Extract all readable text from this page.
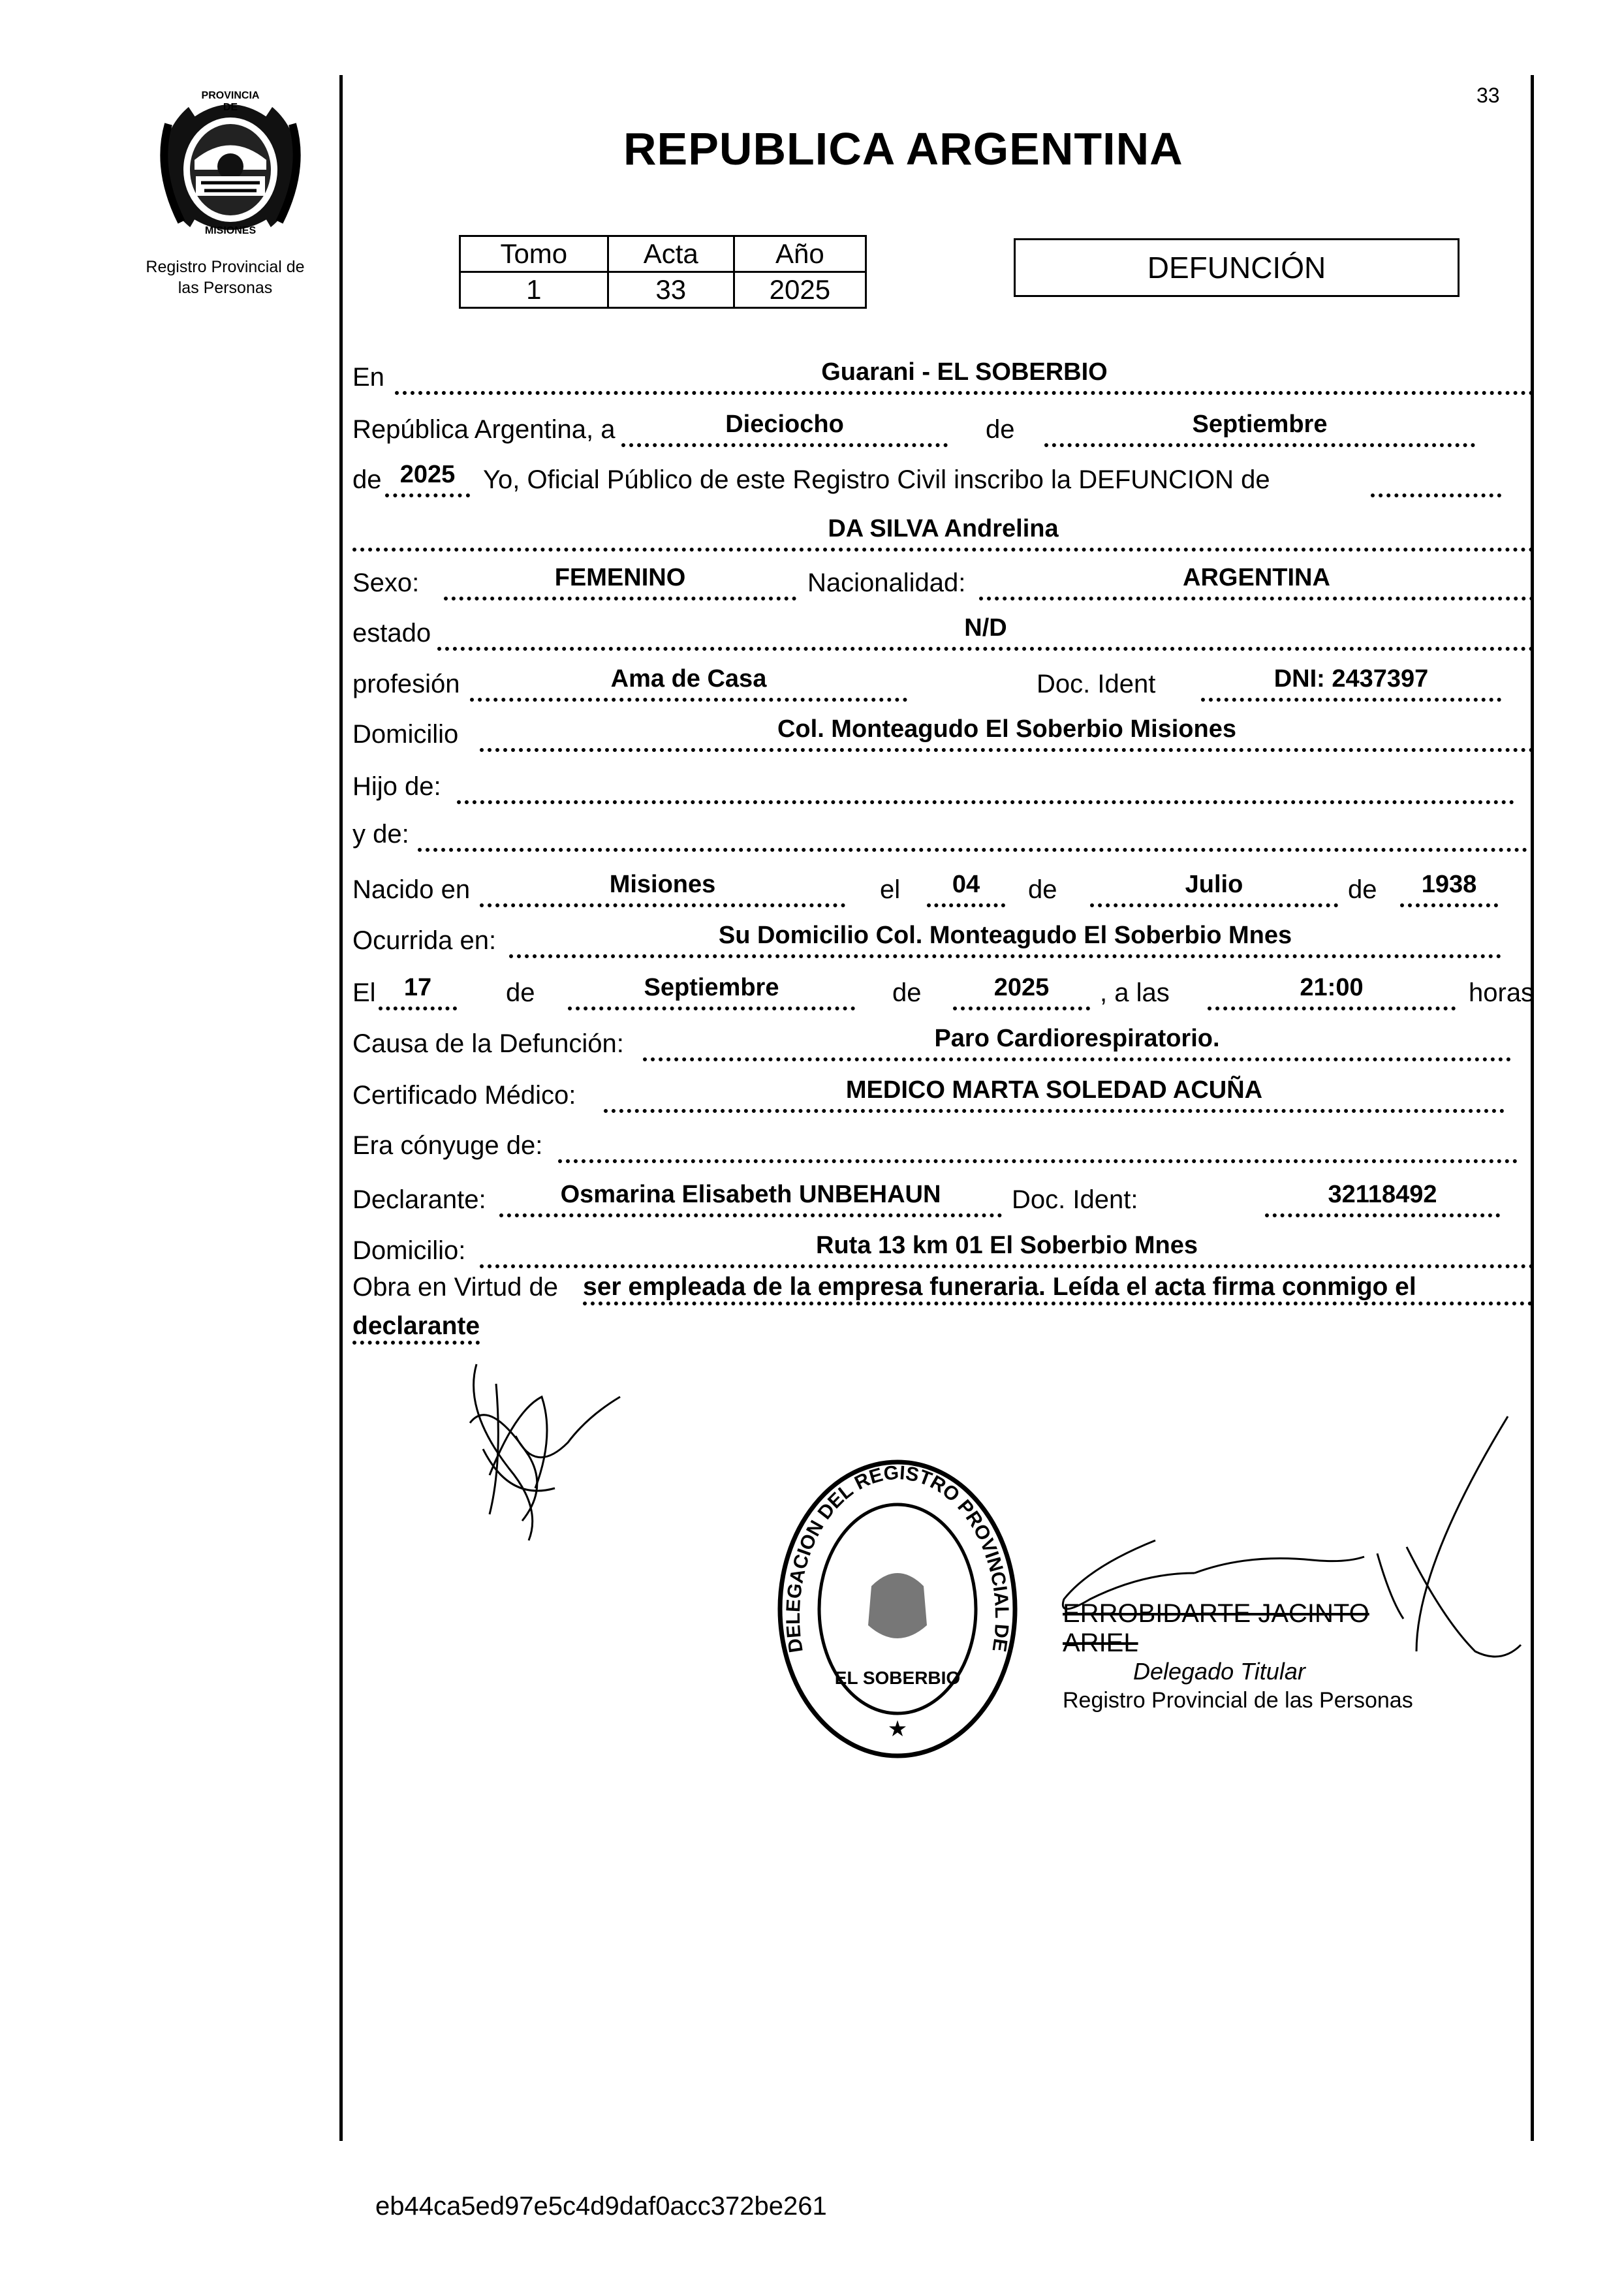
PROVINCIA DE
MISIONES
Registro Provincial de
las Personas
33
REPUBLICA ARGENTINA
Tomo	Acta	Año
1	33	2025
DEFUNCIÓN
En	Guarani - EL SOBERBIO
República Argentina, a	Dieciocho	de	Septiembre
de 2025	Yo, Oficial Público de este Registro Civil inscribo la DEFUNCION de
DA SILVA Andrelina
Sexo:	FEMENINO	Nacionalidad:	ARGENTINA
estado	N/D
profesión	Ama de Casa	Doc. Ident	DNI: 2437397
Domicilio	Col. Monteagudo El Soberbio Misiones
Hijo de:
y de:
Nacido en	Misiones	el	04	de	Julio	de	1938
Ocurrida en:	Su Domicilio Col. Monteagudo El Soberbio Mnes
El	17	de	Septiembre	de	2025	, a las	21:00	horas
Causa de la Defunción:	Paro Cardiorespiratorio.
Certificado Médico:	MEDICO MARTA SOLEDAD ACUÑA
Era cónyuge de:
Declarante:	Osmarina Elisabeth UNBEHAUN	Doc. Ident:	32118492
Domicilio:	Ruta 13 km 01 El Soberbio Mnes
Obra en Virtud de ser empleada de la empresa funeraria. Leída el acta firma conmigo el
declarante
DELEGACION DEL REGISTRO PROVINCIAL DE
EL SOBERBIO
★
ERROBIDARTE JACINTO ARIEL
Delegado Titular
Registro Provincial de las Personas
eb44ca5ed97e5c4d9daf0acc372be261
